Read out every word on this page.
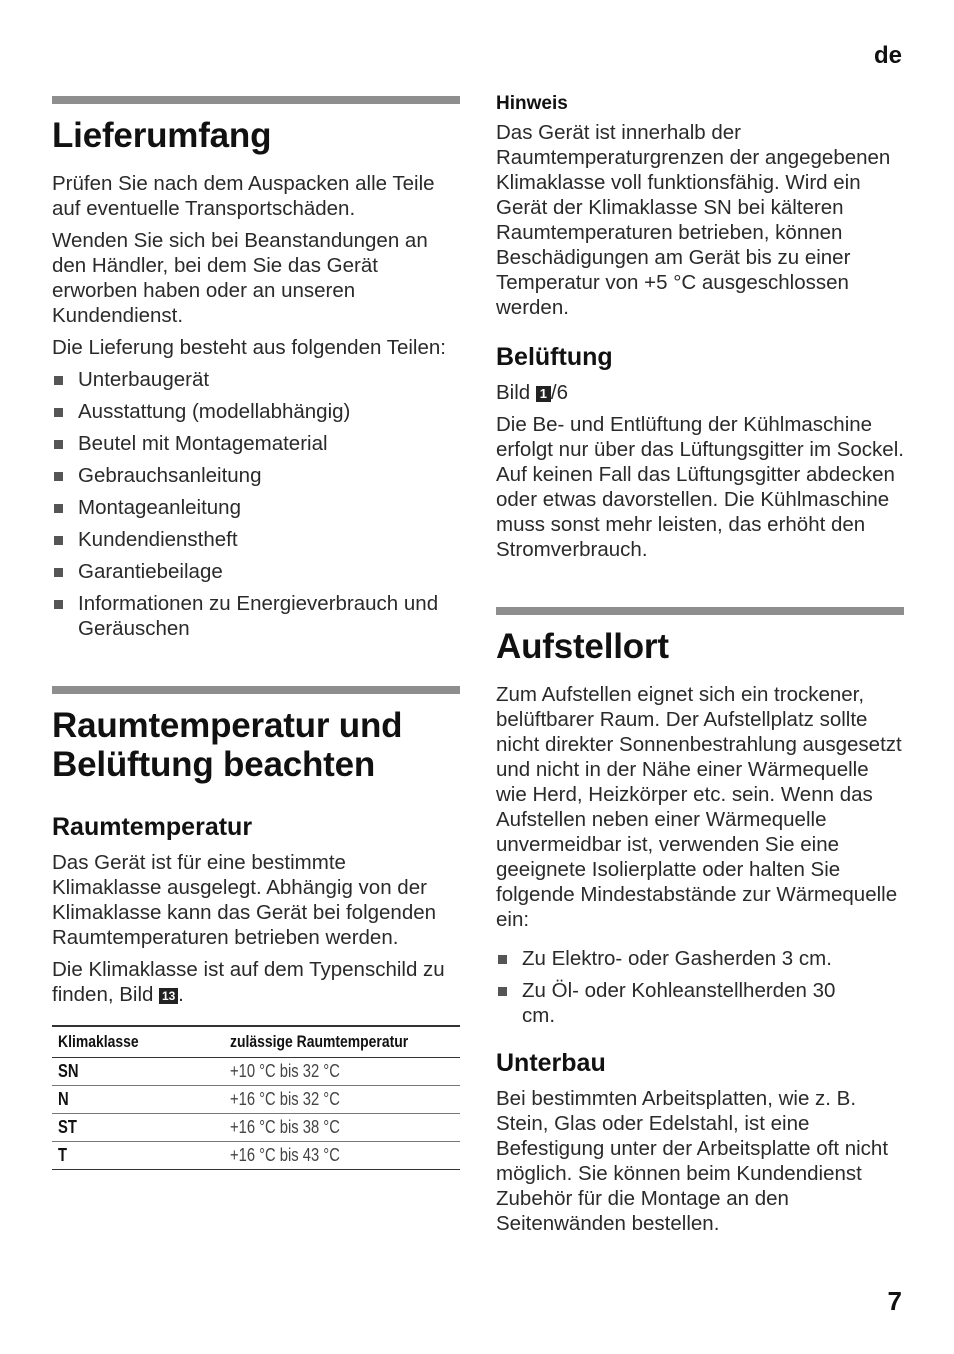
de
Lieferumfang

Prüfen Sie nach dem Auspacken alle Teile auf eventuelle Transportschäden.

Wenden Sie sich bei Beanstandungen an den Händler, bei dem Sie das Gerät erworben haben oder an unseren Kundendienst.

Die Lieferung besteht aus folgenden Teilen:

Unterbaugerät
Ausstattung (modellabhängig)
Beutel mit Montagematerial
Gebrauchsanleitung
Montageanleitung
Kundendienstheft
Garantiebeilage
Informationen zu Energieverbrauch und Geräuschen
Raumtemperatur und Belüftung beachten
Raumtemperatur

Das Gerät ist für eine bestimmte Klimaklasse ausgelegt. Abhängig von der Klimaklasse kann das Gerät bei folgenden Raumtemperaturen betrieben werden.

Die Klimaklasse ist auf dem Typenschild zu finden, Bild 13 .

Klimaklasse	zulässige Raumtemperatur
SN	+10 °C bis 32 °C
N	+16 °C bis 32 °C
ST	+16 °C bis 38 °C
T	+16 °C bis 43 °C
Hinweis

Das Gerät ist innerhalb der Raumtemperaturgrenzen der angegebenen Klimaklasse voll funktionsfähig. Wird ein Gerät der Klimaklasse SN bei kälteren Raumtemperaturen betrieben, können Beschädigungen am Gerät bis zu einer Temperatur von +5 °C ausgeschlossen werden.

Belüftung

Bild 1 /6

Die Be- und Entlüftung der Kühlmaschine erfolgt nur über das Lüftungsgitter im Sockel. Auf keinen Fall das Lüftungsgitter abdecken oder etwas davorstellen. Die Kühlmaschine muss sonst mehr leisten, das erhöht den Stromverbrauch.

Aufstellort

Zum Aufstellen eignet sich ein trockener, belüftbarer Raum. Der Aufstellplatz sollte nicht direkter Sonnenbestrahlung ausgesetzt und nicht in der Nähe einer Wärmequelle wie Herd, Heizkörper etc. sein. Wenn das Aufstellen neben einer Wärmequelle unvermeidbar ist, verwenden Sie eine geeignete Isolierplatte oder halten Sie folgende Mindestabstände zur Wärmequelle ein:

Zu Elektro- oder Gasherden 3 cm.
Zu Öl- oder Kohleanstellherden 30 cm.
Unterbau

Bei bestimmten Arbeitsplatten, wie z. B. Stein, Glas oder Edelstahl, ist eine Befestigung unter der Arbeitsplatte oft nicht möglich. Sie können beim Kundendienst Zubehör für die Montage an den Seitenwänden bestellen.

7
